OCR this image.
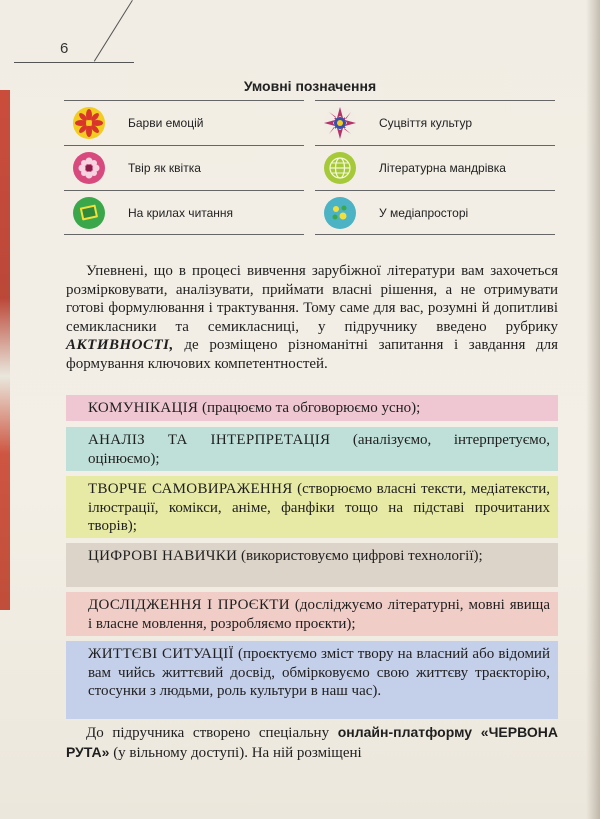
6
Умовні позначення
Барви емоцій
Твір як квітка
На крилах читання
Суцвіття культур
Літературна мандрівка
У медіапросторі

Упевнені, що в процесі вивчення зарубіжної літератури вам захочеться розмірковувати, аналізувати, приймати власні рішення, а не отримувати готові формулювання і трактування. Тому саме для вас, розумні й допитливі семикласники та семикласниці, у підручнику введено рубрику АКТИВНОСТІ, де розміщено різноманітні запитання і завдання для формування ключових компетентностей.

КОМУНІКАЦІЯ (працюємо та обговорюємо усно);
АНАЛІЗ ТА ІНТЕРПРЕТАЦІЯ (аналізуємо, інтерпретуємо, оцінюємо);
ТВОРЧЕ САМОВИРАЖЕННЯ (створюємо власні тексти, медіатексти, ілюстрації, комікси, аніме, фанфіки тощо на підставі прочитаних творів);
ЦИФРОВІ НАВИЧКИ (використовуємо цифрові технології);
ДОСЛІДЖЕННЯ І ПРОЄКТИ (досліджуємо літературні, мовні явища і власне мовлення, розробляємо проєкти);
ЖИТТЄВІ СИТУАЦІЇ (проєктуємо зміст твору на власний або відомий вам чийсь життєвий досвід, обмірковуємо свою життєву траєкторію, стосунки з людьми, роль культури в наш час).

До підручника створено спеціальну онлайн-платформу «ЧЕРВОНА РУТА» (у вільному доступі). На ній розміщені
